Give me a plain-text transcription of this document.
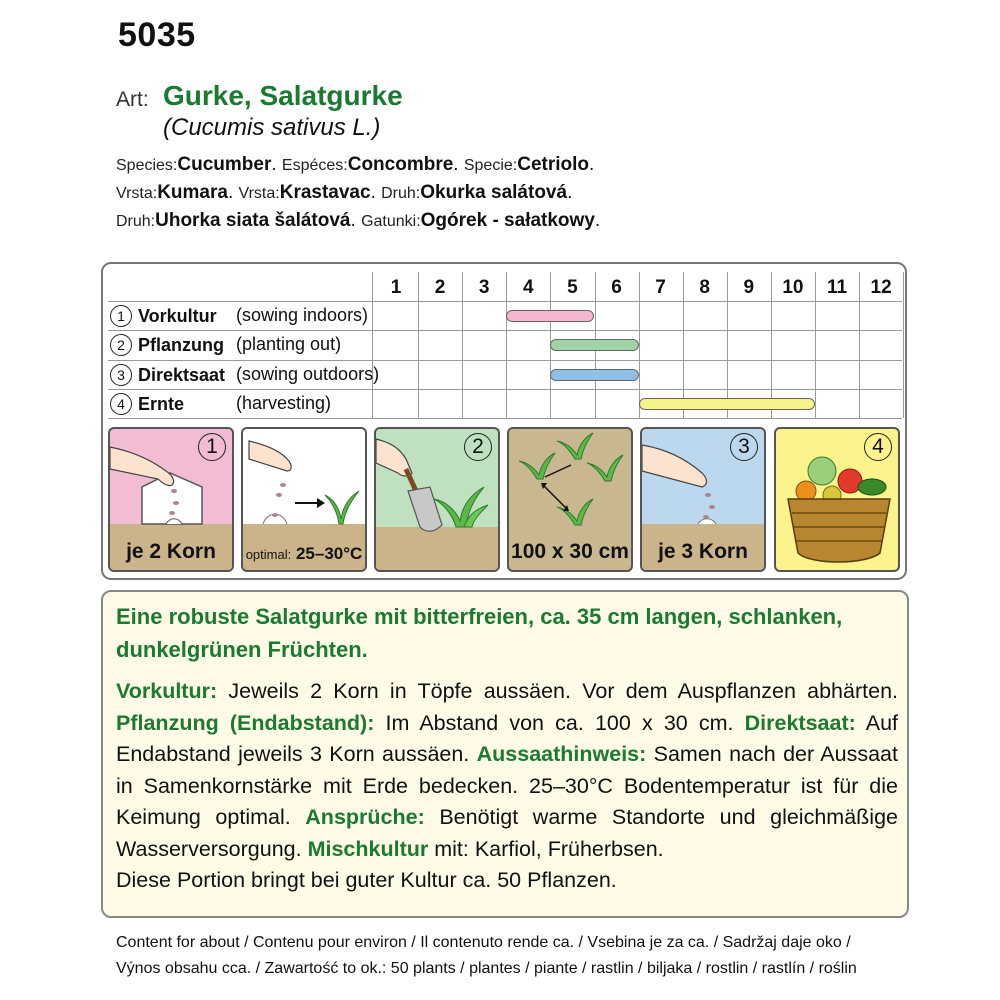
5035
Art: Gurke, Salatgurke
(Cucumis sativus L.)
Species:Cucumber. Espéces:Concombre. Specie:Cetriolo.
Vrsta:Kumara. Vrsta:Krastavac. Druh:Okurka salátová.
Druh:Uhorka siata šalátová. Gatunki:Ogórek - sałatkowy.
1	2	3	4	5	6	7	8	9	10	11	12
1 Vorkultur (sowing indoors)
2 Pflanzung (planting out)
3 Direktsaat (sowing outdoors)
4 Ernte	(harvesting)
1
je 2 Korn	optimal: 25–30°C
2
100 x 30 cm
3
je 3 Korn
4
Eine robuste Salatgurke mit bitterfreien, ca. 35 cm langen, schlanken, dunkelgrünen Früchten.
Vorkultur: Jeweils 2 Korn in Töpfe aussäen. Vor dem Auspflanzen abhärten. Pflanzung (Endabstand): Im Abstand von ca. 100 x 30 cm. Direktsaat: Auf Endabstand jeweils 3 Korn aussäen. Aussaathinweis: Samen nach der Aussaat in Samenkornstärke mit Erde bedecken. 25–30°C Bodentemperatur ist für die Keimung optimal. Ansprüche: Benötigt warme Standorte und gleichmäßige Wasserversorgung. Mischkultur mit: Karfiol, Früherbsen.
Diese Portion bringt bei guter Kultur ca. 50 Pflanzen.
Content for about / Contenu pour environ / Il contenuto rende ca. / Vsebina je za ca. / Sadržaj daje oko /
Výnos obsahu cca. / Zawartość to ok.: 50 plants / plantes / piante / rastlin / biljaka / rostlin / rastlín / roślin
